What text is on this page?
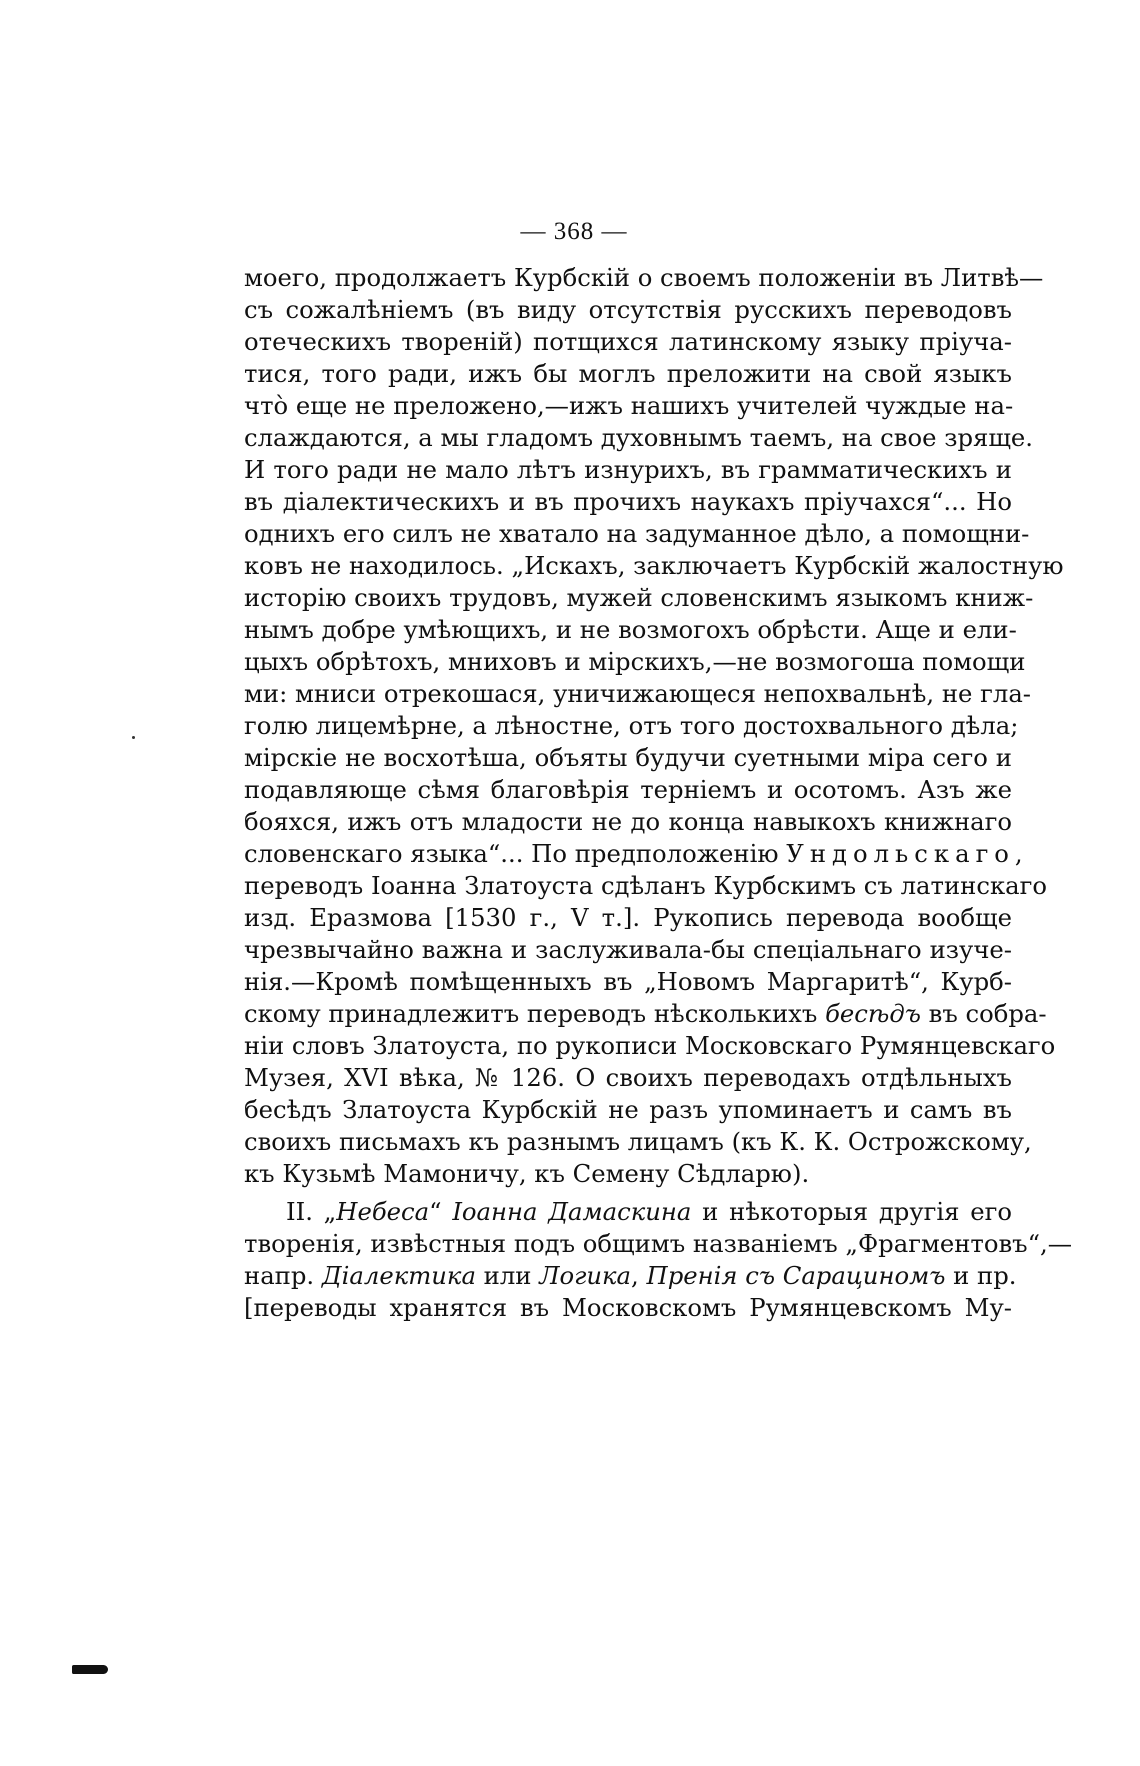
— 368 —
моего, продолжаетъ Курбскій о своемъ положеніи въ Литвѣ—
съ сожалѣніемъ (въ виду отсутствія русскихъ переводовъ
отеческихъ твореній) потщихся латинскому языку пріуча-
тися, того ради, ижъ бы моглъ преложити на свой языкъ
что̀ еще не преложено,—ижъ нашихъ учителей чуждые на-
слаждаются, а мы гладомъ духовнымъ таемъ, на свое зряще.
И того ради не мало лѣтъ изнурихъ, въ грамматическихъ и
въ діалектическихъ и въ прочихъ наукахъ пріучахся“... Но
однихъ его силъ не хватало на задуманное дѣло, а помощни-
ковъ не находилось. „Искахъ, заключаетъ Курбскій жалостную
исторію своихъ трудовъ, мужей словенскимъ языкомъ книж-
нымъ добре умѣющихъ, и не возмогохъ обрѣсти. Аще и ели-
цыхъ обрѣтохъ, мниховъ и мірскихъ,—не возмогоша помощи
ми: мниси отрекошася, уничижающеся непохвальнѣ, не гла-
голю лицемѣрне, а лѣностне, отъ того достохвального дѣла;
мірскіе не восхотѣша, объяты будучи суетными міра сего и
подавляюще сѣмя благовѣрія терніемъ и осотомъ. Азъ же
бояхся, ижъ отъ младости не до конца навыкохъ книжнаго
словенскаго языка“... По предположенію Ундольскаго,
переводъ Іоанна Златоуста сдѣланъ Курбскимъ съ латинскаго
изд. Еразмова [1530 г., V т.]. Рукопись перевода вообще
чрезвычайно важна и заслуживала-бы спеціальнаго изуче-
нія.—Кромѣ помѣщенныхъ въ „Новомъ Маргаритѣ“, Курб-
скому принадлежитъ переводъ нѣсколькихъ бесѣдъ въ собра-
ніи словъ Златоуста, по рукописи Московскаго Румянцевскаго
Музея, XVI вѣка, № 126. О своихъ переводахъ отдѣльныхъ
бесѣдъ Златоуста Курбскій не разъ упоминаетъ и самъ въ
своихъ письмахъ къ разнымъ лицамъ (къ К. К. Острожскому,
къ Кузьмѣ Мамоничу, къ Семену Сѣдларю).
II. „Небеса“ Іоанна Дамаскина и нѣкоторыя другія его
творенія, извѣстныя подъ общимъ названіемъ „Фрагментовъ“,—
напр. Діалектика или Логика, Пренія съ Сарациномъ и пр.
[переводы хранятся въ Московскомъ Румянцевскомъ Му-
